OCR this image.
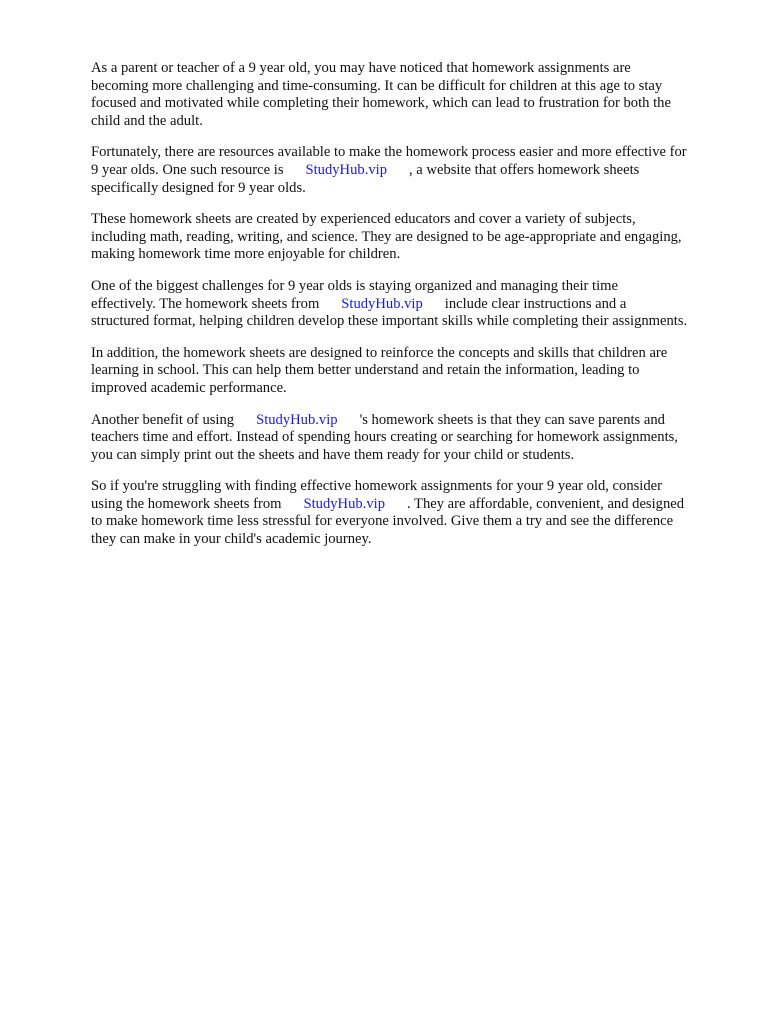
As a parent or teacher of a 9 year old, you may have noticed that homework assignments are
becoming more challenging and time-consuming. It can be difficult for children at this age to stay
focused and motivated while completing their homework, which can lead to frustration for both the
child and the adult.

Fortunately, there are resources available to make the homework process easier and more effective for
9 year olds. One such resource is StudyHub.vip , a website that offers homework sheets
specifically designed for 9 year olds.

These homework sheets are created by experienced educators and cover a variety of subjects,
including math, reading, writing, and science. They are designed to be age-appropriate and engaging,
making homework time more enjoyable for children.

One of the biggest challenges for 9 year olds is staying organized and managing their time
effectively. The homework sheets from StudyHub.vip include clear instructions and a
structured format, helping children develop these important skills while completing their assignments.

In addition, the homework sheets are designed to reinforce the concepts and skills that children are
learning in school. This can help them better understand and retain the information, leading to
improved academic performance.

Another benefit of using StudyHub.vip 's homework sheets is that they can save parents and
teachers time and effort. Instead of spending hours creating or searching for homework assignments,
you can simply print out the sheets and have them ready for your child or students.

So if you're struggling with finding effective homework assignments for your 9 year old, consider
using the homework sheets from StudyHub.vip . They are affordable, convenient, and designed
to make homework time less stressful for everyone involved. Give them a try and see the difference
they can make in your child's academic journey.
